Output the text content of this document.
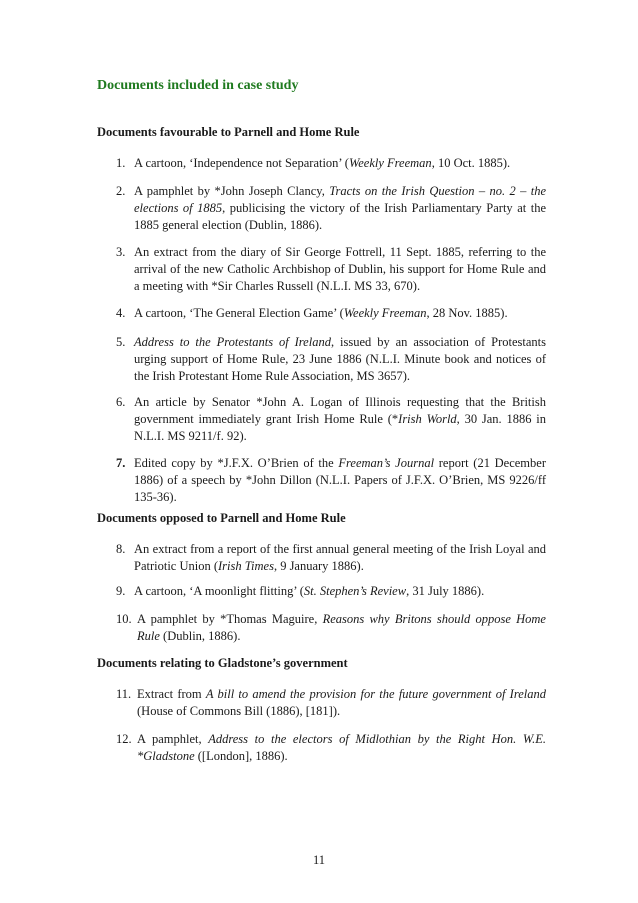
Documents included in case study
Documents favourable to Parnell and Home Rule
1. A cartoon, ‘Independence not Separation’ (Weekly Freeman, 10 Oct. 1885).
2. A pamphlet by *John Joseph Clancy, Tracts on the Irish Question – no. 2 – the elections of 1885, publicising the victory of the Irish Parliamentary Party at the 1885 general election (Dublin, 1886).
3. An extract from the diary of Sir George Fottrell, 11 Sept. 1885, referring to the arrival of the new Catholic Archbishop of Dublin, his support for Home Rule and a meeting with *Sir Charles Russell (N.L.I. MS 33, 670).
4. A cartoon, ‘The General Election Game’ (Weekly Freeman, 28 Nov. 1885).
5. Address to the Protestants of Ireland, issued by an association of Protestants urging support of Home Rule, 23 June 1886 (N.L.I. Minute book and notices of the Irish Protestant Home Rule Association, MS 3657).
6. An article by Senator *John A. Logan of Illinois requesting that the British government immediately grant Irish Home Rule (*Irish World, 30 Jan. 1886 in N.L.I. MS 9211/f. 92).
7. Edited copy by *J.F.X. O’Brien of the Freeman’s Journal report (21 December 1886) of a speech by *John Dillon (N.L.I. Papers of J.F.X. O’Brien, MS 9226/ff 135-36).
Documents opposed to Parnell and Home Rule
8. An extract from a report of the first annual general meeting of the Irish Loyal and Patriotic Union (Irish Times, 9 January 1886).
9. A cartoon, ‘A moonlight flitting’ (St. Stephen’s Review, 31 July 1886).
10. A pamphlet by *Thomas Maguire, Reasons why Britons should oppose Home Rule (Dublin, 1886).
Documents relating to Gladstone’s government
11. Extract from A bill to amend the provision for the future government of Ireland (House of Commons Bill (1886), [181]).
12. A pamphlet, Address to the electors of Midlothian by the Right Hon. W.E. *Gladstone ([London], 1886).
11
